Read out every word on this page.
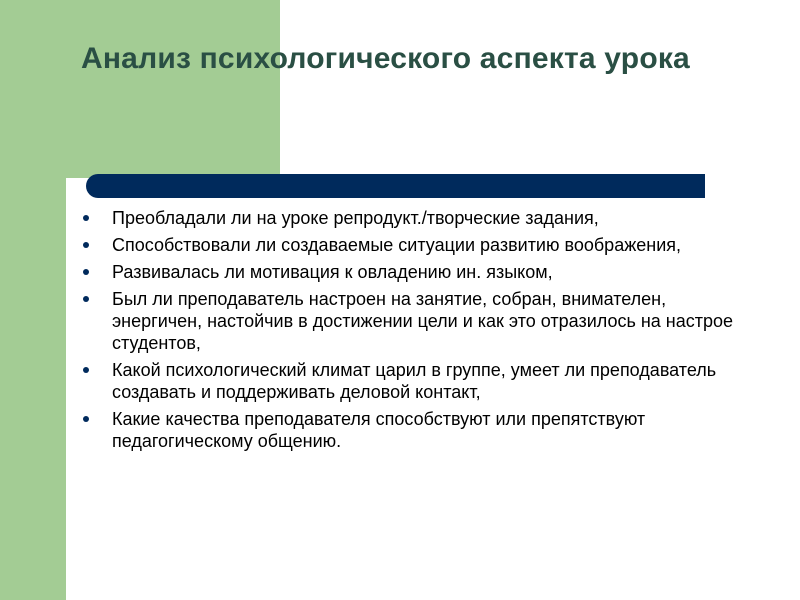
Анализ психологического аспекта урока
Преобладали ли на уроке репродукт./творческие задания,
Способствовали ли создаваемые ситуации развитию воображения,
Развивалась ли мотивация к овладению ин. языком,
Был ли преподаватель настроен на занятие, собран, внимателен, энергичен, настойчив в достижении цели и как это отразилось на настрое студентов,
Какой психологический климат царил в группе, умеет ли преподаватель создавать и поддерживать деловой контакт,
Какие качества преподавателя способствуют или препятствуют педагогическому общению.
